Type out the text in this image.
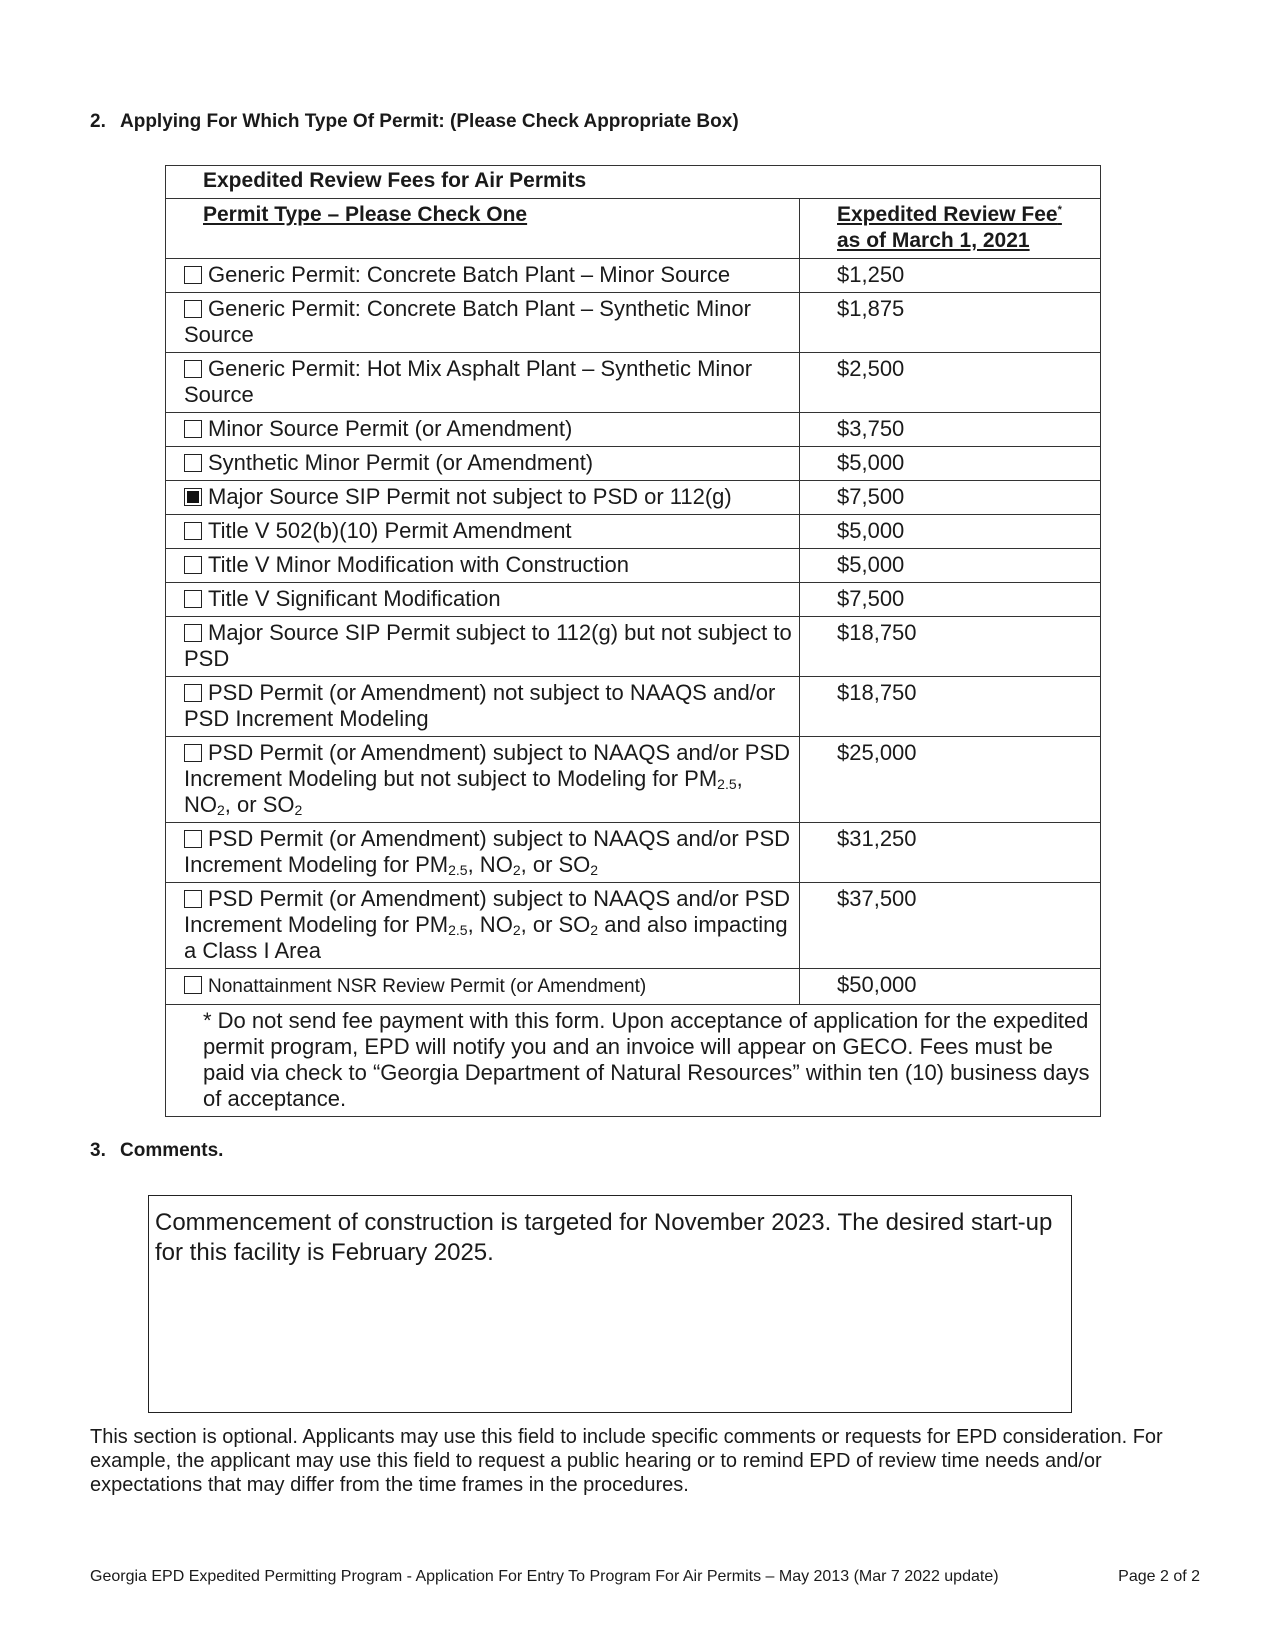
2. Applying For Which Type Of Permit: (Please Check Appropriate Box)
Expedited Review Fees for Air Permits	
Permit Type – Please Check One	Expedited Review Fee*
as of March 1, 2021
Generic Permit: Concrete Batch Plant – Minor Source	$1,250
Generic Permit: Concrete Batch Plant – Synthetic Minor Source	$1,875
Generic Permit: Hot Mix Asphalt Plant – Synthetic Minor Source	$2,500
Minor Source Permit (or Amendment)	$3,750
Synthetic Minor Permit (or Amendment)	$5,000
Major Source SIP Permit not subject to PSD or 112(g)	$7,500
Title V 502(b)(10) Permit Amendment	$5,000
Title V Minor Modification with Construction	$5,000
Title V Significant Modification	$7,500
Major Source SIP Permit subject to 112(g) but not subject to PSD	$18,750
PSD Permit (or Amendment) not subject to NAAQS and/or PSD Increment Modeling	$18,750
PSD Permit (or Amendment) subject to NAAQS and/or PSD Increment Modeling but not subject to Modeling for $PM_{2.5}$, $NO_2$, or $SO_2$	$25,000
PSD Permit (or Amendment) subject to NAAQS and/or PSD Increment Modeling for $PM_{2.5}$, $NO_2$, or $SO_2$	$31,250
PSD Permit (or Amendment) subject to NAAQS and/or PSD Increment Modeling for $PM_{2.5}$, $NO_2$, or $SO_2$ and also impacting a Class I Area	$37,500
Nonattainment NSR Review Permit (or Amendment)	$50,000
* Do not send fee payment with this form. Upon acceptance of application for the expedited permit program, EPD will notify you and an invoice will appear on GECO. Fees must be paid via check to “Georgia Department of Natural Resources” within ten (10) business days of acceptance.	
3. Comments.
Commencement of construction is targeted for November 2023. The desired start-up for this facility is February 2025.
This section is optional. Applicants may use this field to include specific comments or requests for EPD consideration. For example, the applicant may use this field to request a public hearing or to remind EPD of review time needs and/or expectations that may differ from the time frames in the procedures.
Georgia EPD Expedited Permitting Program - Application For Entry To Program For Air Permits – May 2013 (Mar 7 2022 update)	Page 2 of 2
